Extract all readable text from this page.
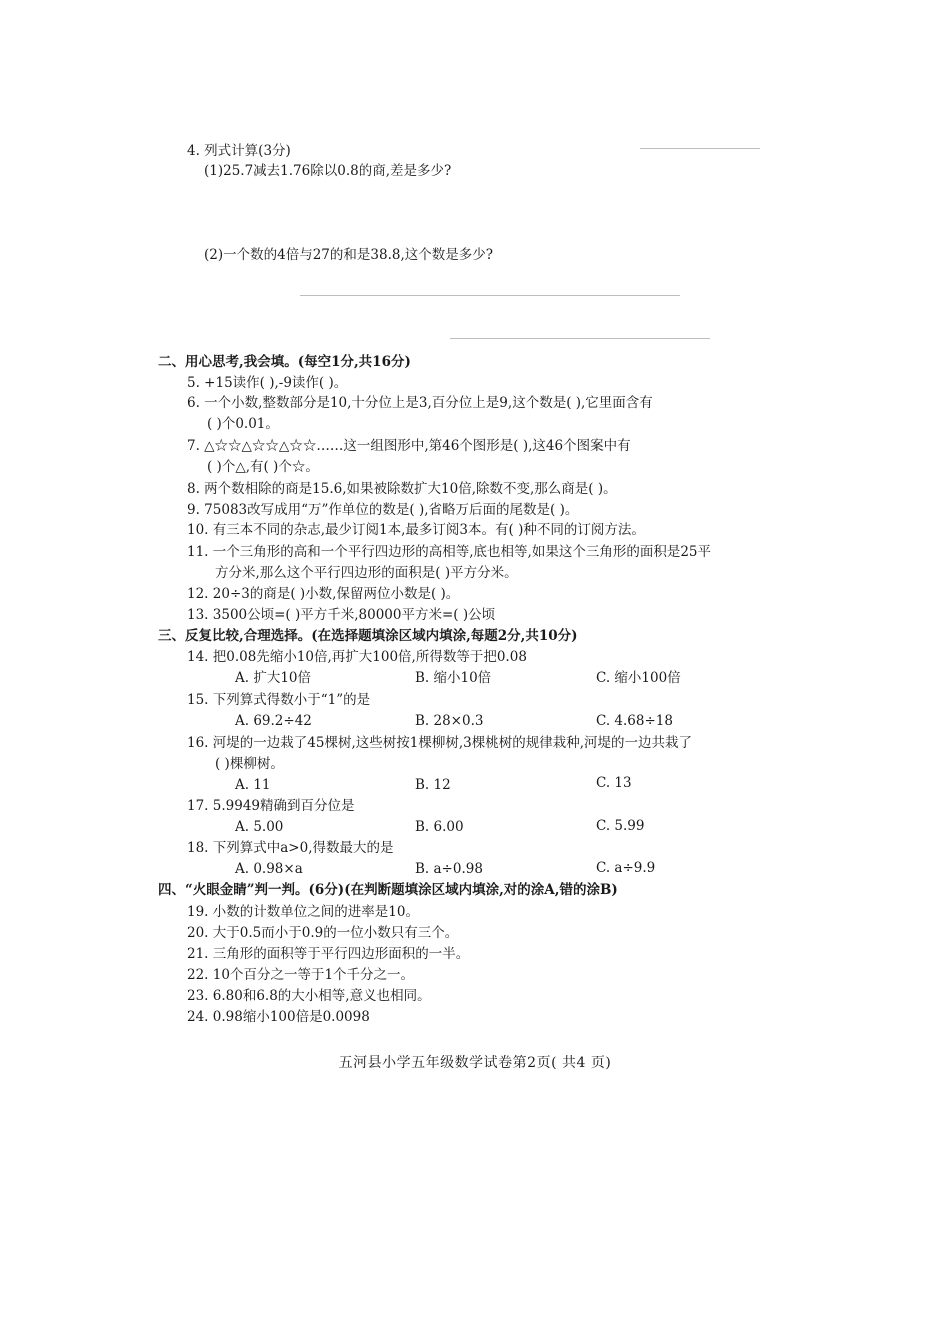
4. 列式计算(3分)
(1)25.7减去1.76除以0.8的商,差是多少?
(2)一个数的4倍与27的和是38.8,这个数是多少?
二、用心思考,我会填。(每空1分,共16分)
5. +15读作( ),-9读作( )。
6. 一个小数,整数部分是10,十分位上是3,百分位上是9,这个数是( ),它里面含有
( )个0.01。
7. △☆☆△☆☆△☆☆……这一组图形中,第46个图形是( ),这46个图案中有
( )个△,有( )个☆。
8. 两个数相除的商是15.6,如果被除数扩大10倍,除数不变,那么商是( )。
9. 75083改写成用“万”作单位的数是( ),省略万后面的尾数是( )。
10. 有三本不同的杂志,最少订阅1本,最多订阅3本。有( )种不同的订阅方法。
11. 一个三角形的高和一个平行四边形的高相等,底也相等,如果这个三角形的面积是25平
方分米,那么这个平行四边形的面积是( )平方分米。
12. 20÷3的商是( )小数,保留两位小数是( )。
13. 3500公顷=( )平方千米,80000平方米=( )公顷
三、反复比较,合理选择。(在选择题填涂区域内填涂,每题2分,共10分)
14. 把0.08先缩小10倍,再扩大100倍,所得数等于把0.08
A. 扩大10倍	B. 缩小10倍	C. 缩小100倍
15. 下列算式得数小于“1”的是
A. 69.2÷42	B. 28×0.3	C. 4.68÷18
16. 河堤的一边栽了45棵树,这些树按1棵柳树,3棵桃树的规律栽种,河堤的一边共栽了
( )棵柳树。
A. 11	B. 12	C. 13
17. 5.9949精确到百分位是
A. 5.00	B. 6.00	C. 5.99
18. 下列算式中a>0,得数最大的是
A. 0.98×a	B. a÷0.98	C. a÷9.9
四、“火眼金睛”判一判。(6分)(在判断题填涂区域内填涂,对的涂A,错的涂B)
19. 小数的计数单位之间的进率是10。
20. 大于0.5而小于0.9的一位小数只有三个。
21. 三角形的面积等于平行四边形面积的一半。
22. 10个百分之一等于1个千分之一。
23. 6.80和6.8的大小相等,意义也相同。
24. 0.98缩小100倍是0.0098
五河县小学五年级数学试卷第2页( 共4 页)
